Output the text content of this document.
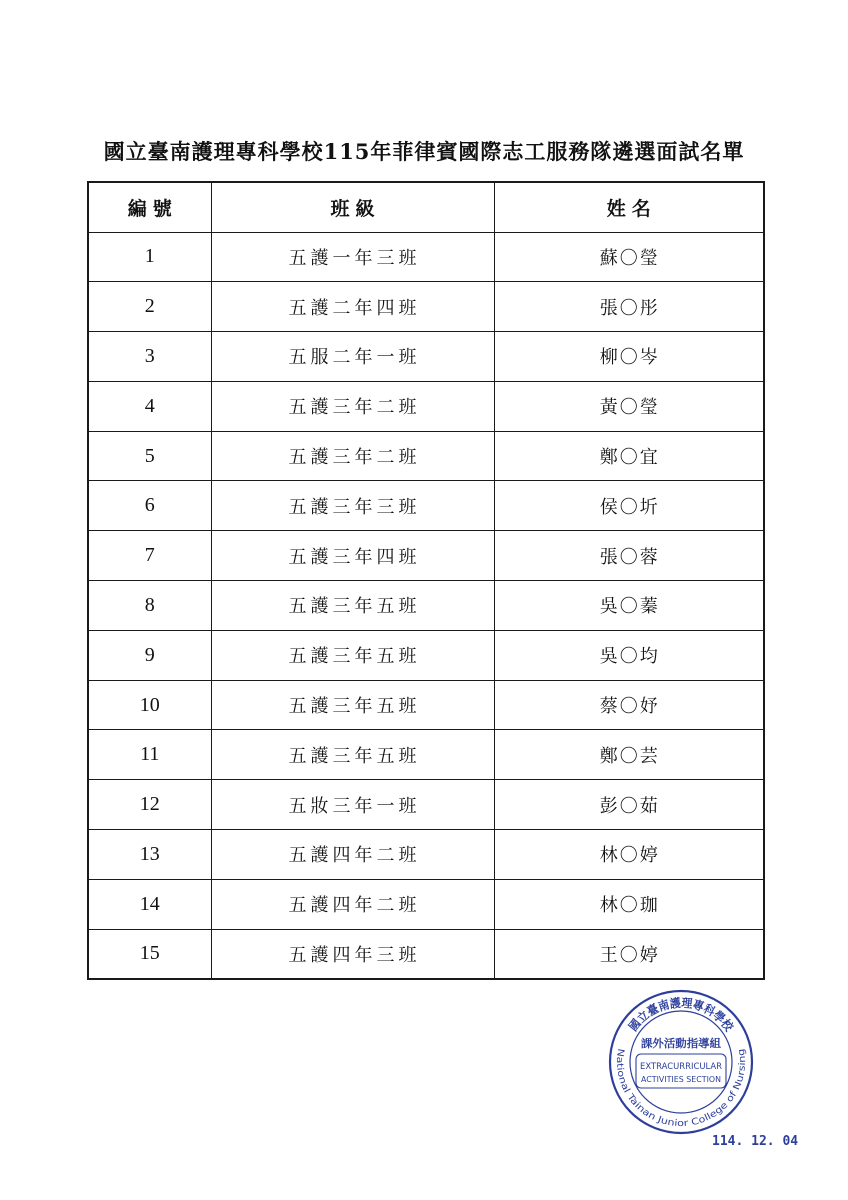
國立臺南護理專科學校115年菲律賓國際志工服務隊遴選面試名單
編號	班級	姓名
1	五護一年三班	蘇〇瑩
2	五護二年四班	張〇彤
3	五服二年一班	柳〇岑
4	五護三年二班	黃〇瑩
5	五護三年二班	鄭〇宜
6	五護三年三班	侯〇圻
7	五護三年四班	張〇蓉
8	五護三年五班	吳〇蓁
9	五護三年五班	吳〇均
10	五護三年五班	蔡〇妤
11	五護三年五班	鄭〇芸
12	五妝三年一班	彭〇茹
13	五護四年二班	林〇婷
14	五護四年二班	林〇珈
15	五護四年三班	王〇婷
國立臺南護理專科學校
National Tainan Junior College of Nursing
課外活動指導組
EXTRACURRICULAR
ACTIVITIES SECTION
114. 12. 04
